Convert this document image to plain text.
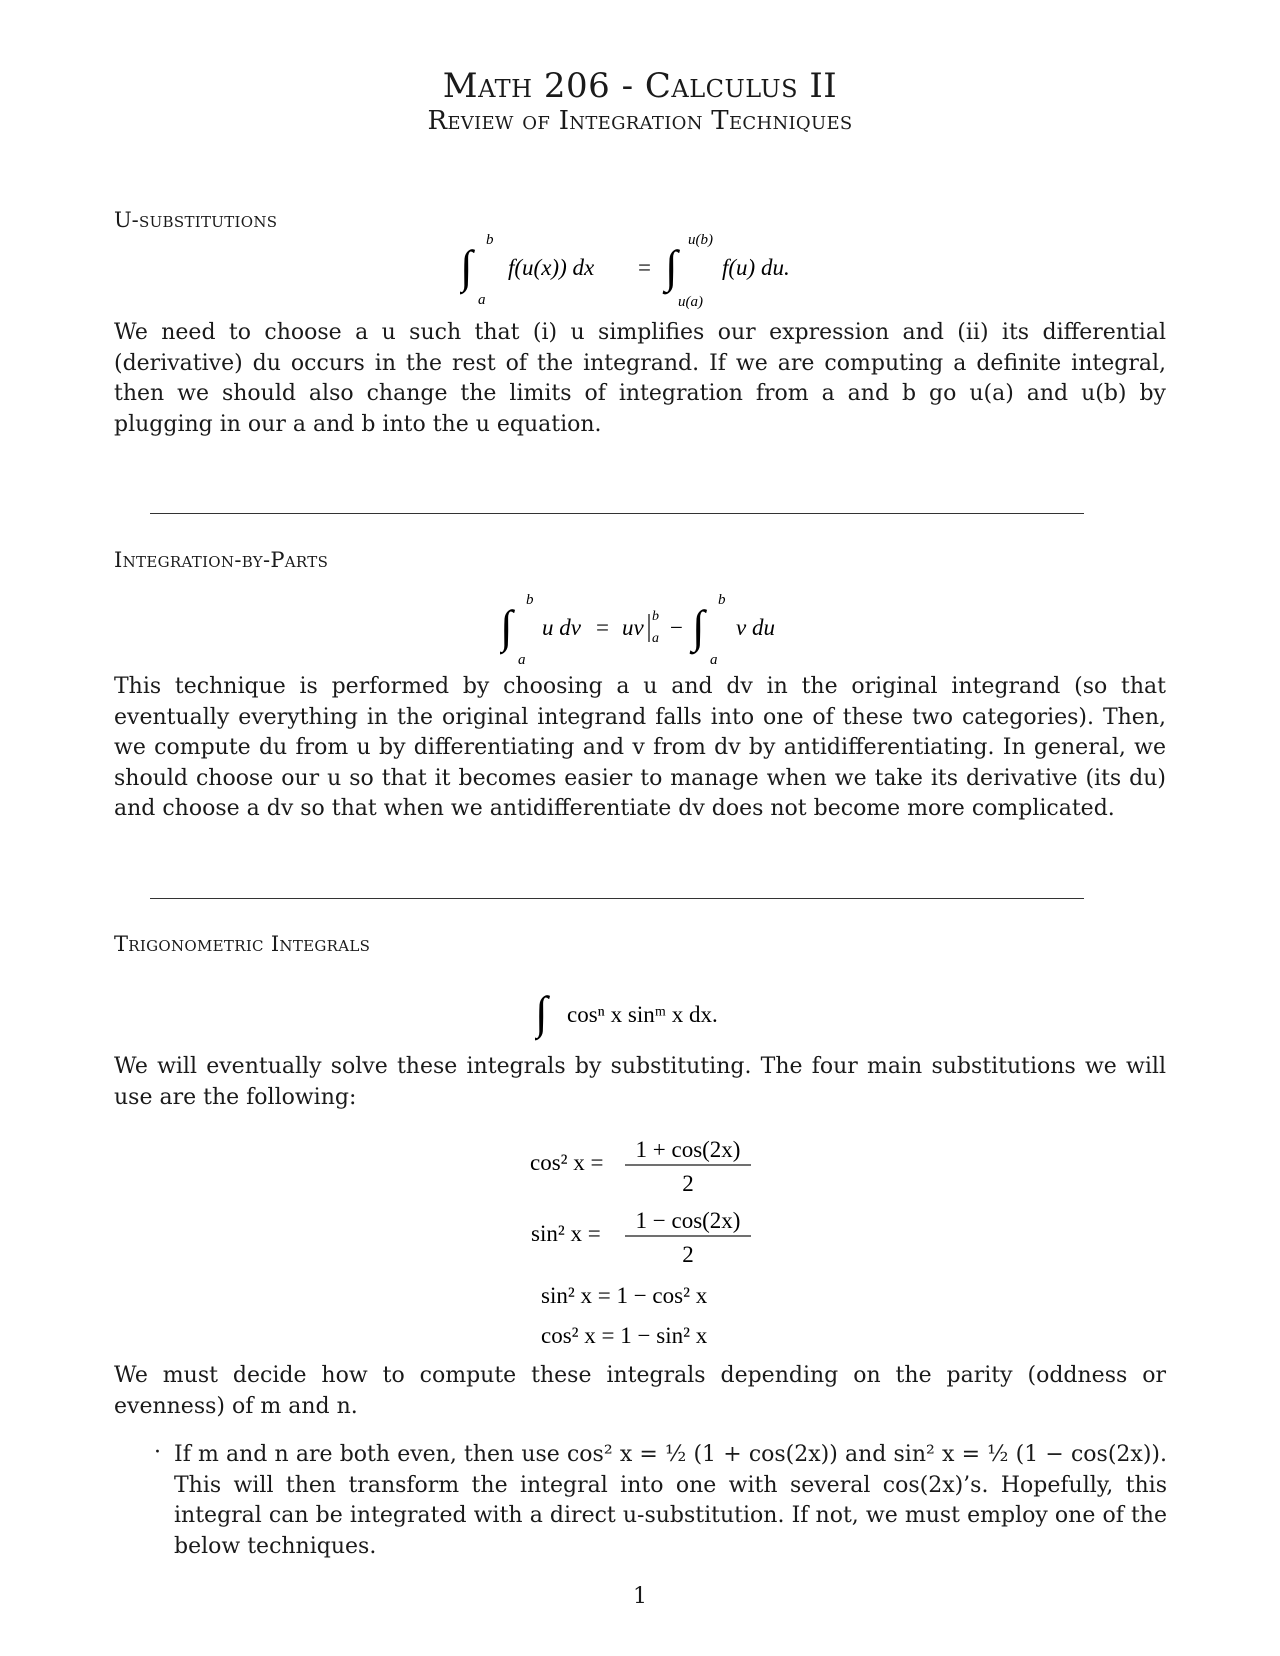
Math 206 - Calculus II
Review of Integration Techniques
U-substitutions
∫
b
a
f(u(x)) dx = ∫
u(b)
u(a)
f(u) du.
We need to choose a u such that (i) u simplifies our expression and (ii) its differential (derivative) du occurs in the rest of the integrand. If we are computing a definite integral, then we should also change the limits of integration from a and b go u(a) and u(b) by plugging in our a and b into the u equation.
Integration-by-Parts
∫
b
a
u dv = uv b
a − ∫
b
a
v du
This technique is performed by choosing a u and dv in the original integrand (so that eventually everything in the original integrand falls into one of these two categories). Then, we compute du from u by differentiating and v from dv by antidifferentiating. In general, we should choose our u so that it becomes easier to manage when we take its derivative (its du) and choose a dv so that when we antidifferentiate dv does not become more complicated.
Trigonometric Integrals
∫ cosⁿ x sinᵐ x dx.
We will eventually solve these integrals by substituting. The four main substitutions we will use are the following:
cos² x =
1 + cos(2x)
2
sin² x =
1 − cos(2x)
2
sin² x = 1 − cos² x
cos² x = 1 − sin² x
We must decide how to compute these integrals depending on the parity (oddness or evenness) of m and n.
· If m and n are both even, then use cos² x = ½ (1 + cos(2x)) and sin² x = ½ (1 − cos(2x)). This will then transform the integral into one with several cos(2x)’s. Hopefully, this integral can be integrated with a direct u-substitution. If not, we must employ one of the below techniques.
1
